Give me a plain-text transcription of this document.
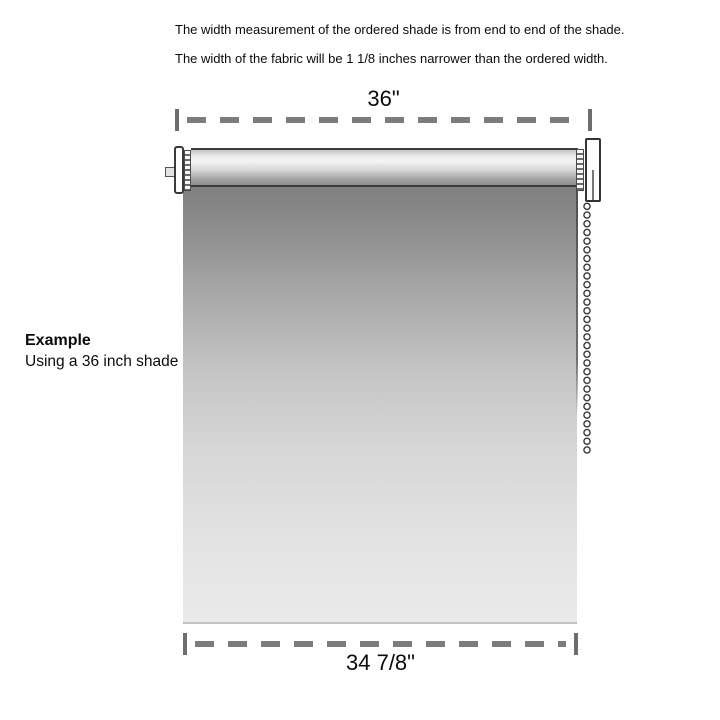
The width measurement of the ordered shade is from end to end of the shade.

The width of the fabric will be 1 1/8 inches narrower than the ordered width.

36"

Example

Using a 36 inch shade

34 7/8"
